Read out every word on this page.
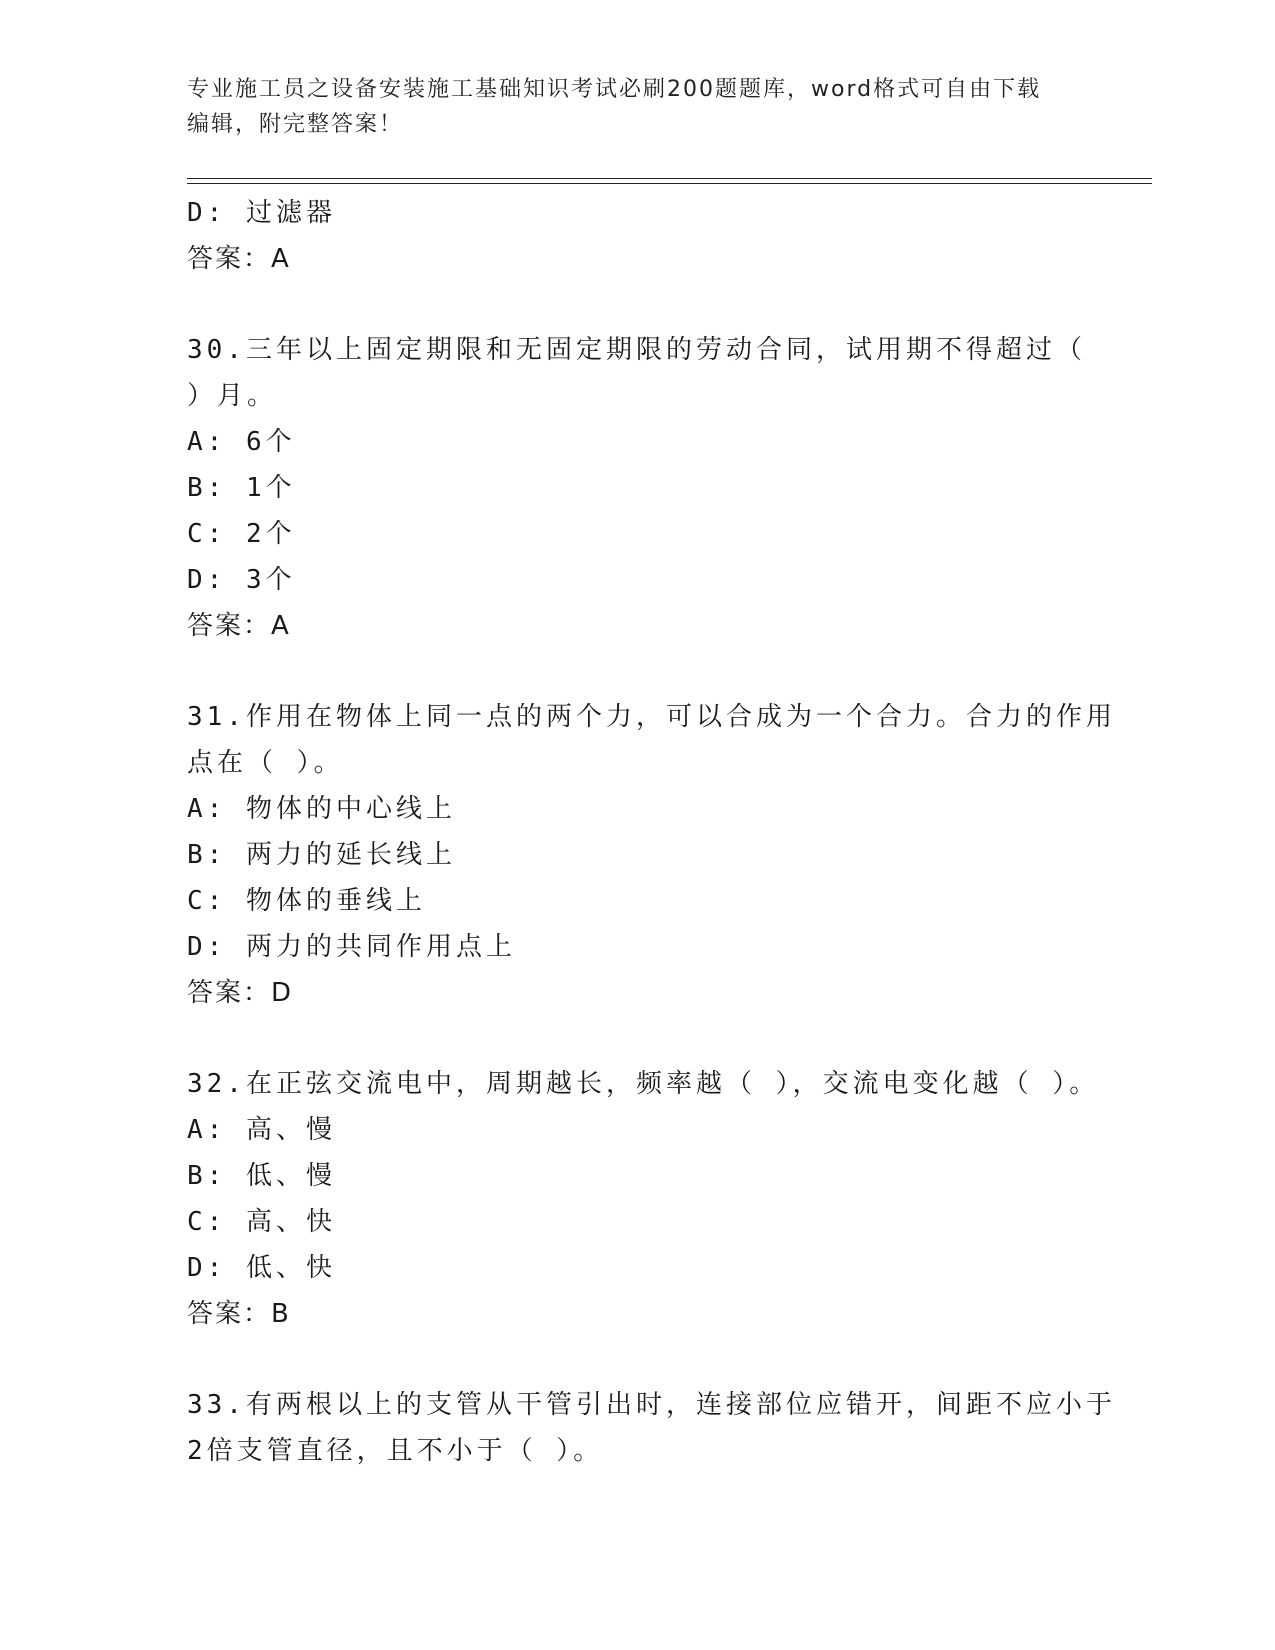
专业施工员之设备安装施工基础知识考试必刷200题题库，word格式可自由下载
编辑，附完整答案！
D: 过滤器
答案：A
30.三年以上固定期限和无固定期限的劳动合同，试用期不得超过（
）月。
A: 6个
B: 1个
C: 2个
D: 3个
答案：A
31.作用在物体上同一点的两个力，可以合成为一个合力。合力的作用
点在（ ）。
A: 物体的中心线上
B: 两力的延长线上
C: 物体的垂线上
D: 两力的共同作用点上
答案：D
32.在正弦交流电中，周期越长，频率越（ ），交流电变化越（ ）。
A: 高、慢
B: 低、慢
C: 高、快
D: 低、快
答案：B
33.有两根以上的支管从干管引出时，连接部位应错开，间距不应小于
2倍支管直径，且不小于（ ）。
